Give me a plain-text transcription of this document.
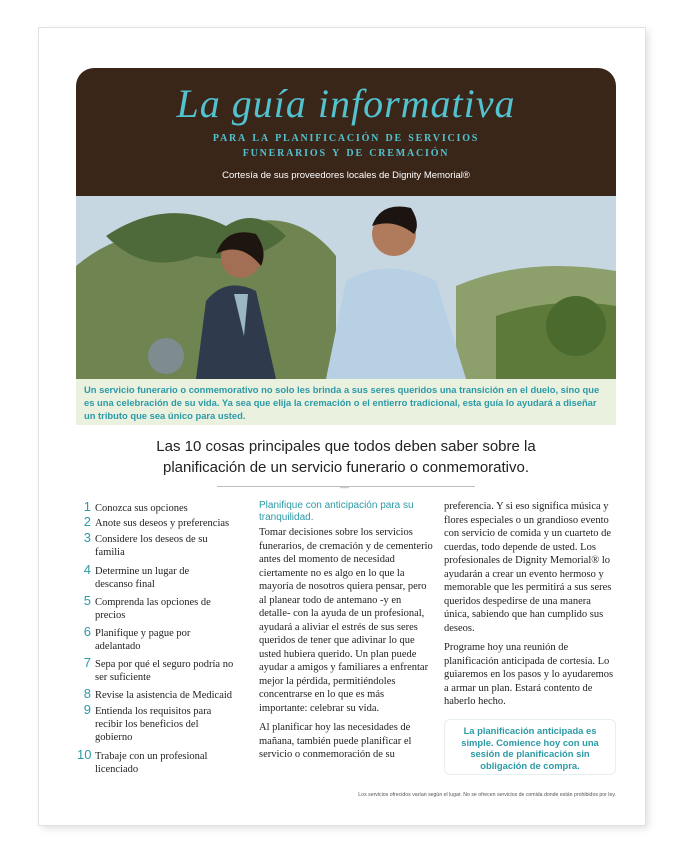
La guía informativa
para la planificación de servicios
funerarios y de cremación
Cortesía de sus proveedores locales de Dignity Memorial®
Un servicio funerario o conmemorativo no solo les brinda a sus seres queridos una transición en el duelo, sino que es una celebración de su vida. Ya sea que elija la cremación o el entierro tradicional, esta guía lo ayudará a diseñar un tributo que sea único para usted.
Las 10 cosas principales que todos deben saber sobre la
planificación de un servicio funerario o conmemorativo.
—
1 Conozca sus opciones
2 Anote sus deseos y preferencias
3 Considere los deseos de su familia
4 Determine un lugar de descanso final
5 Comprenda las opciones de precios
6 Planifique y pague por adelantado
7 Sepa por qué el seguro podría no ser suficiente
8 Revise la asistencia de Medicaid
9 Entienda los requisitos para recibir los beneficios del gobierno
10 Trabaje con un profesional licenciado
Planifique con anticipación para su tranquilidad.

Tomar decisiones sobre los servicios funerarios, de cremación y de cementerio antes del momento de necesidad ciertamente no es algo en lo que la mayoría de nosotros quiera pensar, pero al planear todo de antemano -y en detalle- con la ayuda de un profesional, ayudará a aliviar el estrés de sus seres queridos de tener que adivinar lo que usted hubiera querido. Un plan puede ayudar a amigos y familiares a enfrentar mejor la pérdida, permitiéndoles concentrarse en lo que es más importante: celebrar su vida.

Al planificar hoy las necesidades de mañana, también puede planificar el servicio o conmemoración de su

preferencia. Y si eso significa música y flores especiales o un grandioso evento con servicio de comida y un cuarteto de cuerdas, todo depende de usted. Los profesionales de Dignity Memorial® lo ayudarán a crear un evento hermoso y memorable que les permitirá a sus seres queridos despedirse de una manera única, sabiendo que han cumplido sus deseos.

Programe hoy una reunión de planificación anticipada de cortesía. Lo guiaremos en los pasos y lo ayudaremos a armar un plan. Estará contento de haberlo hecho.

La planificación anticipada es simple. Comience hoy con una sesión de planificación sin obligación de compra.
Los servicios ofrecidos varían según el lugar. No se ofrecen servicios de comida donde están prohibidos por ley.
